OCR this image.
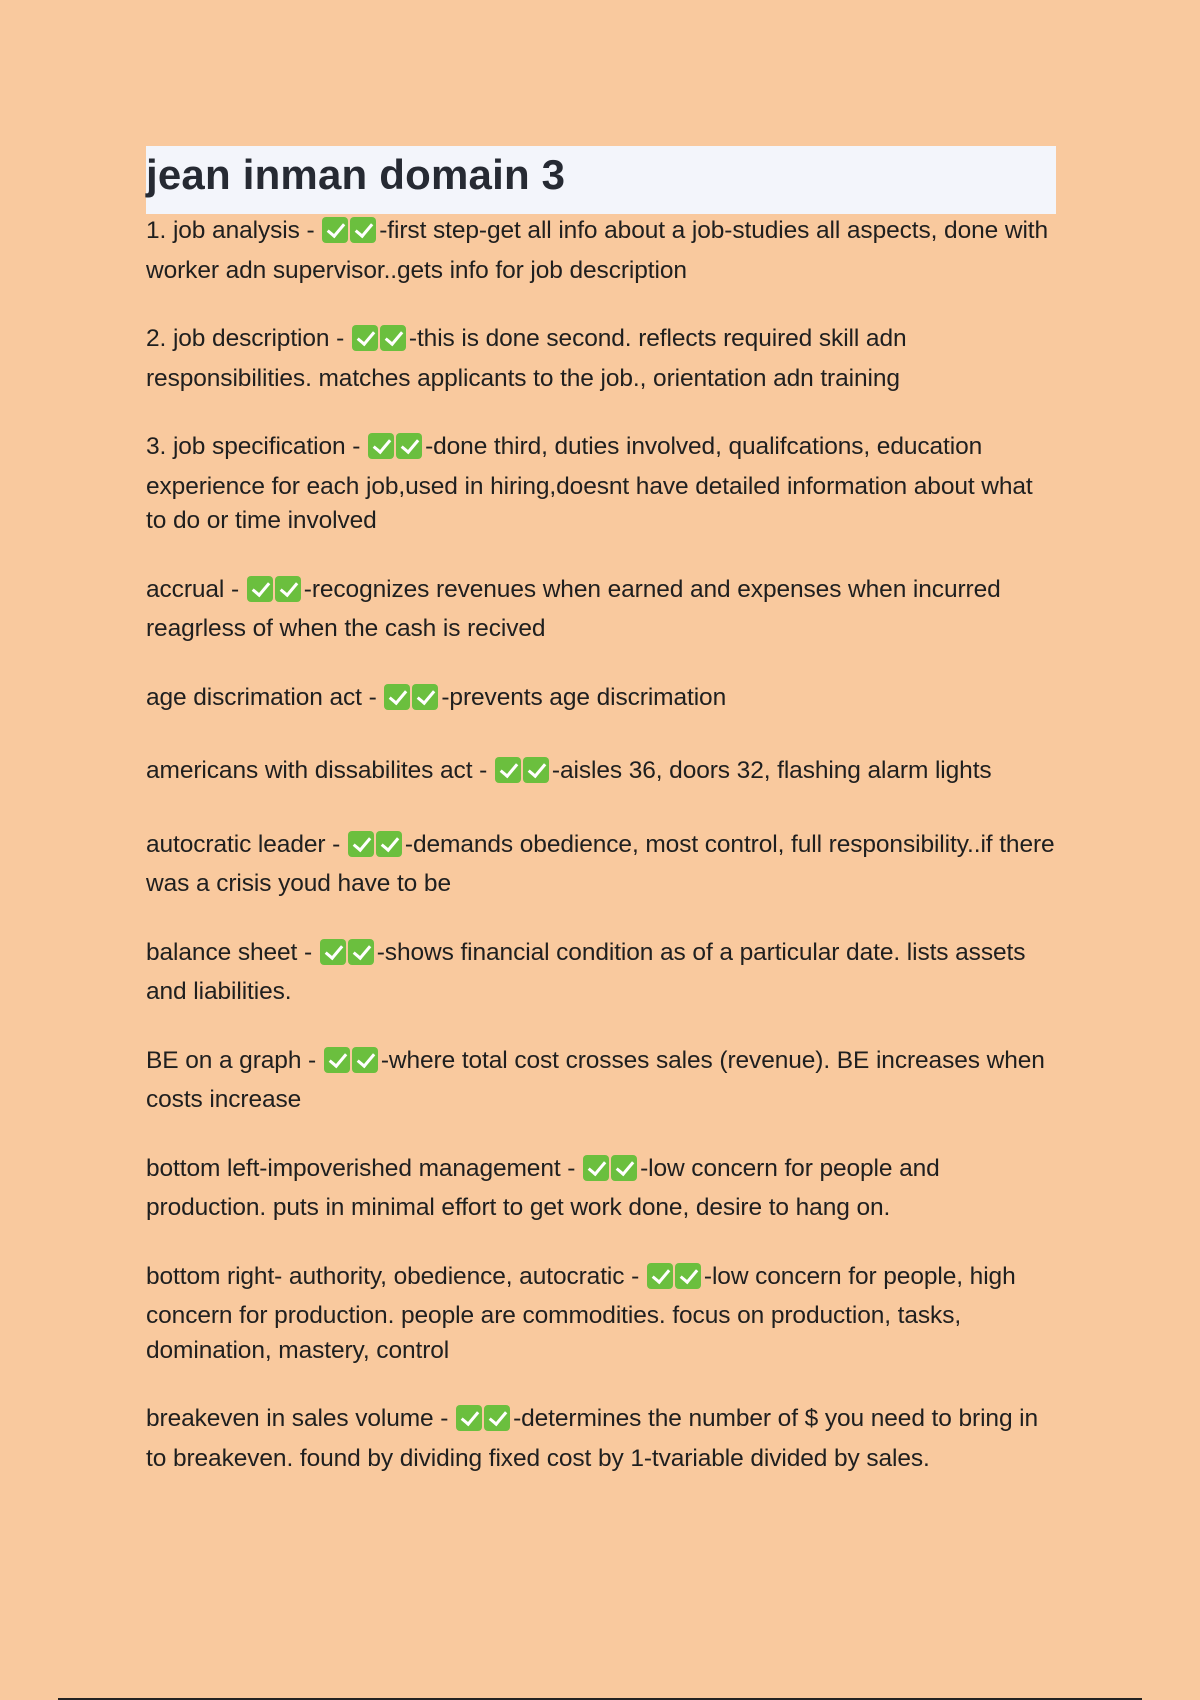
jean inman domain 3

1. job analysis -	-first step-get all info about a job-studies all aspects, done with worker adn supervisor..gets info for job description

2. job description -	-this is done second. reflects required skill adn responsibilities. matches applicants to the job., orientation adn training

3. job specification -	-done third, duties involved, qualifcations, education experience for each job,used in hiring,doesnt have detailed information about what to do or time involved

accrual -	-recognizes revenues when earned and expenses when incurred reagrless of when the cash is recived

age discrimation act -	-prevents age discrimation

americans with dissabilites act -	-aisles 36, doors 32, flashing alarm lights

autocratic leader -	-demands obedience, most control, full responsibility..if there was a crisis youd have to be

balance sheet -	-shows financial condition as of a particular date. lists assets and liabilities.

BE on a graph -	-where total cost crosses sales (revenue). BE increases when costs increase

bottom left-impoverished management -	-low concern for people and production. puts in minimal effort to get work done, desire to hang on.

bottom right- authority, obedience, autocratic -	-low concern for people, high concern for production. people are commodities. focus on production, tasks, domination, mastery, control

breakeven in sales volume -	-determines the number of $ you need to bring in to breakeven. found by dividing fixed cost by 1-tvariable divided by sales.
